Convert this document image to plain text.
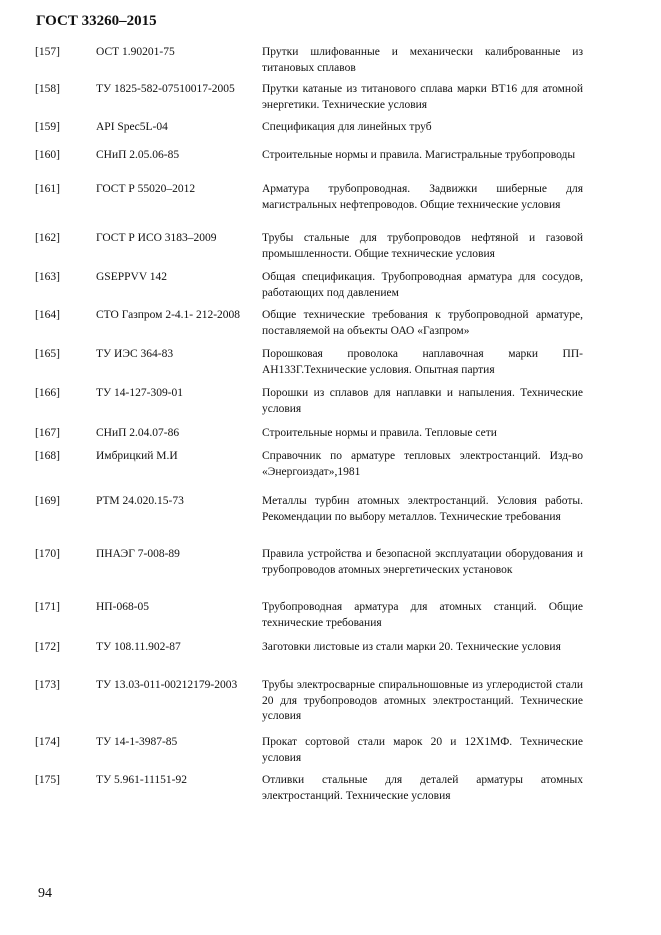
ГОСТ 33260–2015
[157]	ОСТ 1.90201-75	Прутки шлифованные и механически калиброванные из титановых сплавов
[158]	ТУ 1825-582-07510017-2005	Прутки катаные из титанового сплава марки ВТ16 для атомной энергетики. Технические условия
[159]	API Spec5L-04	Спецификация для линейных труб
[160]	СНиП 2.05.06-85	Строительные нормы и правила. Магистральные трубопроводы
[161]	ГОСТ Р 55020–2012	Арматура трубопроводная. Задвижки шиберные для магистральных нефтепроводов. Общие технические условия
[162]	ГОСТ Р ИСО 3183–2009	Трубы стальные для трубопроводов нефтяной и газовой промышленности. Общие технические условия
[163]	GSEPPVV 142	Общая спецификация. Трубопроводная арматура для сосудов, работающих под давлением
[164]	СТО Газпром 2-4.1- 212-2008	Общие технические требования к трубопроводной арматуре, поставляемой на объекты ОАО «Газпром»
[165]	ТУ ИЭС 364-83	Порошковая проволока наплавочная марки ПП-АН133Г.Технические условия. Опытная партия
[166]	ТУ 14-127-309-01	Порошки из сплавов для наплавки и напыления. Технические условия
[167]	СНиП 2.04.07-86	Строительные нормы и правила. Тепловые сети
[168]	Имбрицкий М.И	Справочник по арматуре тепловых электростанций. Изд-во «Энергоиздат»,1981
[169]	РТМ 24.020.15-73	Металлы турбин атомных электростанций. Условия работы. Рекомендации по выбору металлов. Технические требования
[170]	ПНАЭГ 7-008-89	Правила устройства и безопасной эксплуатации оборудования и трубопроводов атомных энергетических установок
[171]	НП-068-05	Трубопроводная арматура для атомных станций. Общие технические требования
[172]	ТУ 108.11.902-87	Заготовки листовые из стали марки 20. Технические условия
[173]	ТУ 13.03-011-00212179-2003	Трубы электросварные спиральношовные из углеродистой стали 20 для трубопроводов атомных электростанций. Технические условия
[174]	ТУ 14-1-3987-85	Прокат сортовой стали марок 20 и 12Х1МФ. Технические условия
[175]	ТУ 5.961-11151-92	Отливки стальные для деталей арматуры атомных электростанций. Технические условия
94
